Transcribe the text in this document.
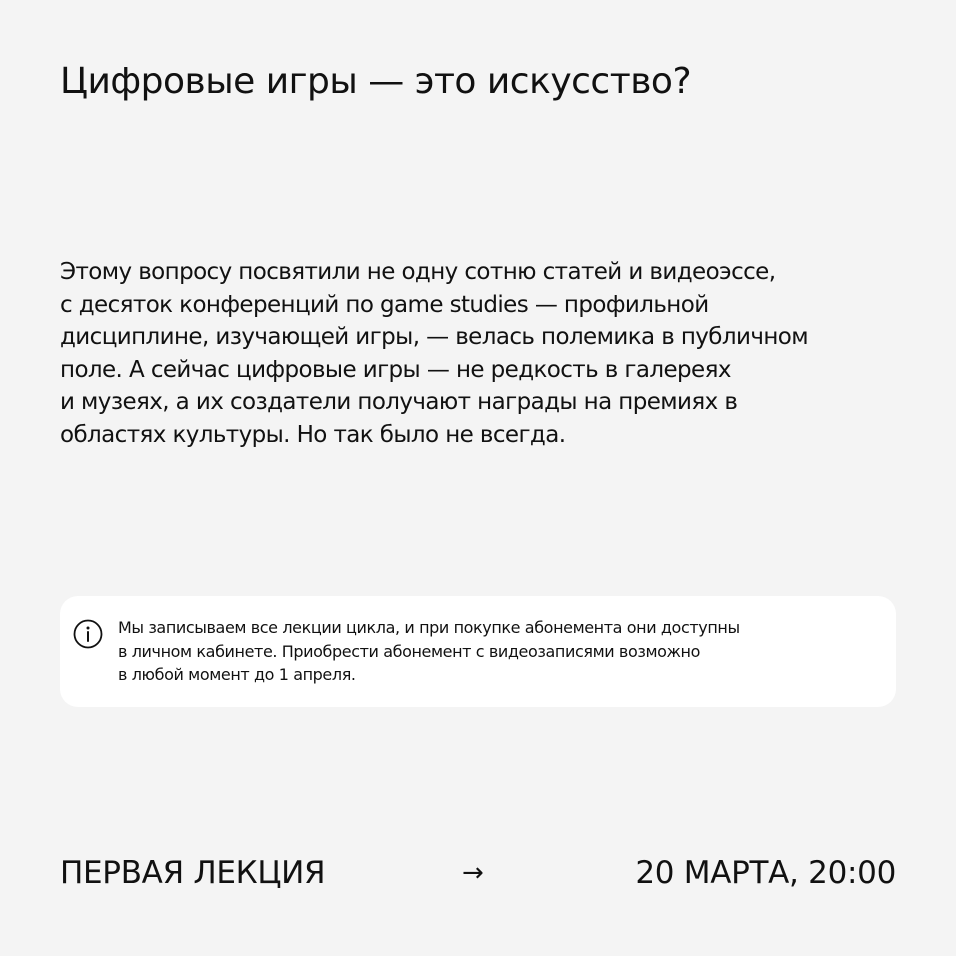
Цифровые игры — это искусство?

Этому вопросу посвятили не одну сотню статей и видеоэссе,
с десяток конференций по game studies — профильной
дисциплине, изучающей игры, — велась полемика в публичном
поле. А сейчас цифровые игры — не редкость в галереях
и музеях, а их создатели получают награды на премиях в
областях культуры. Но так было не всегда.

Мы записываем все лекции цикла, и при покупке абонемента они доступны
в личном кабинете. Приобрести абонемент с видеозаписями возможно
в любой момент до 1 апреля.

ПЕРВАЯ ЛЕКЦИЯ	→	20 МАРТА, 20:00
